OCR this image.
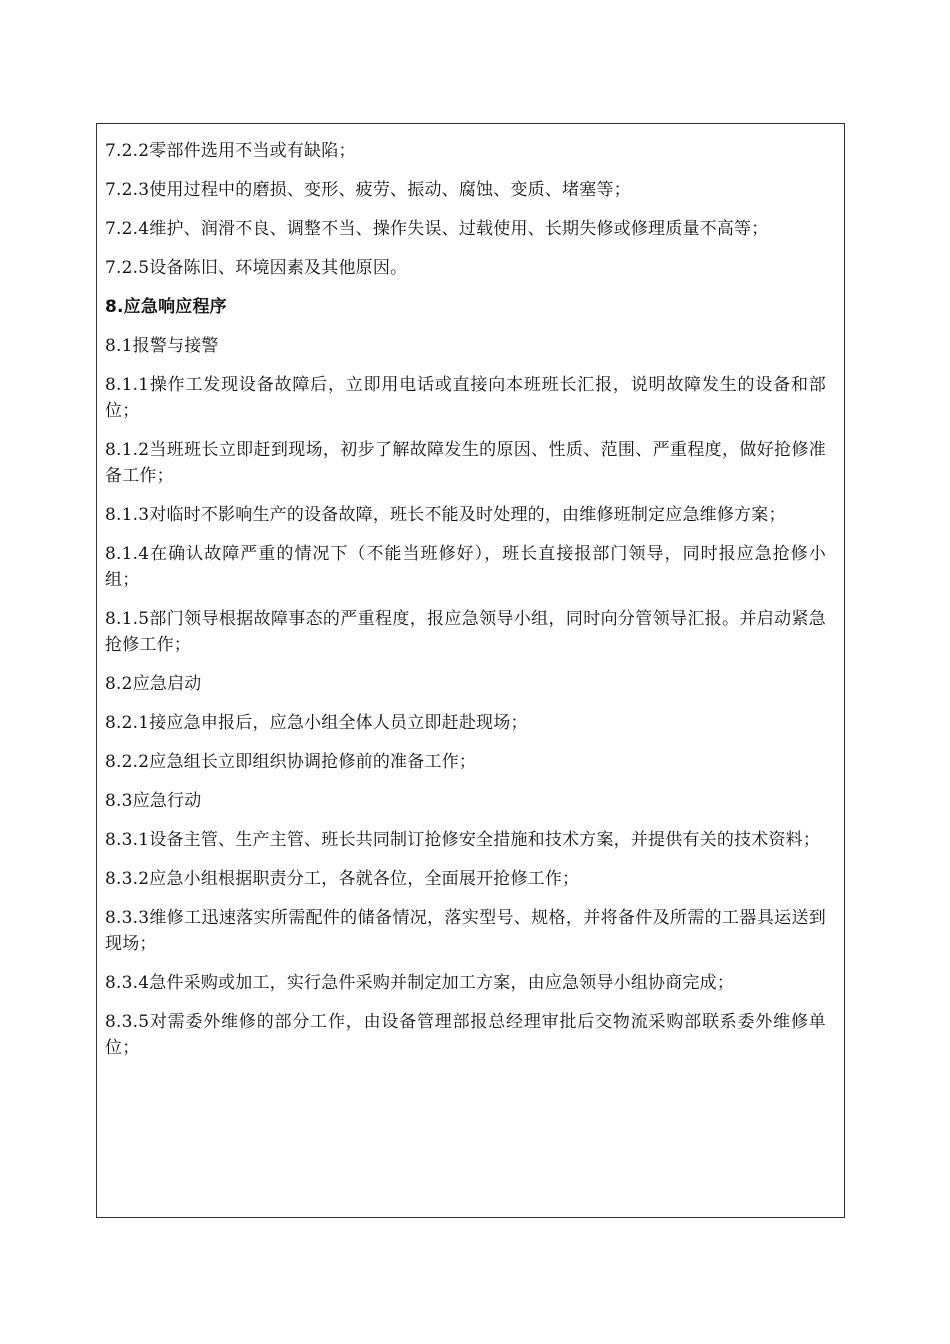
7.2.2零部件选用不当或有缺陷；

7.2.3使用过程中的磨损、变形、疲劳、振动、腐蚀、变质、堵塞等；

7.2.4维护、润滑不良、调整不当、操作失误、过载使用、长期失修或修理质量不高等；

7.2.5设备陈旧、环境因素及其他原因。

8.应急响应程序

8.1报警与接警

8.1.1操作工发现设备故障后，立即用电话或直接向本班班长汇报，说明故障发生的设备和部位；

8.1.2当班班长立即赶到现场，初步了解故障发生的原因、性质、范围、严重程度，做好抢修准备工作；

8.1.3对临时不影响生产的设备故障，班长不能及时处理的，由维修班制定应急维修方案；

8.1.4在确认故障严重的情况下（不能当班修好），班长直接报部门领导，同时报应急抢修小组；

8.1.5部门领导根据故障事态的严重程度，报应急领导小组，同时向分管领导汇报。并启动紧急抢修工作；

8.2应急启动

8.2.1接应急申报后，应急小组全体人员立即赶赴现场；

8.2.2应急组长立即组织协调抢修前的准备工作；

8.3应急行动

8.3.1设备主管、生产主管、班长共同制订抢修安全措施和技术方案，并提供有关的技术资料；

8.3.2应急小组根据职责分工，各就各位，全面展开抢修工作；

8.3.3维修工迅速落实所需配件的储备情况，落实型号、规格，并将备件及所需的工器具运送到现场；

8.3.4急件采购或加工，实行急件采购并制定加工方案，由应急领导小组协商完成；

8.3.5对需委外维修的部分工作，由设备管理部报总经理审批后交物流采购部联系委外维修单位；
